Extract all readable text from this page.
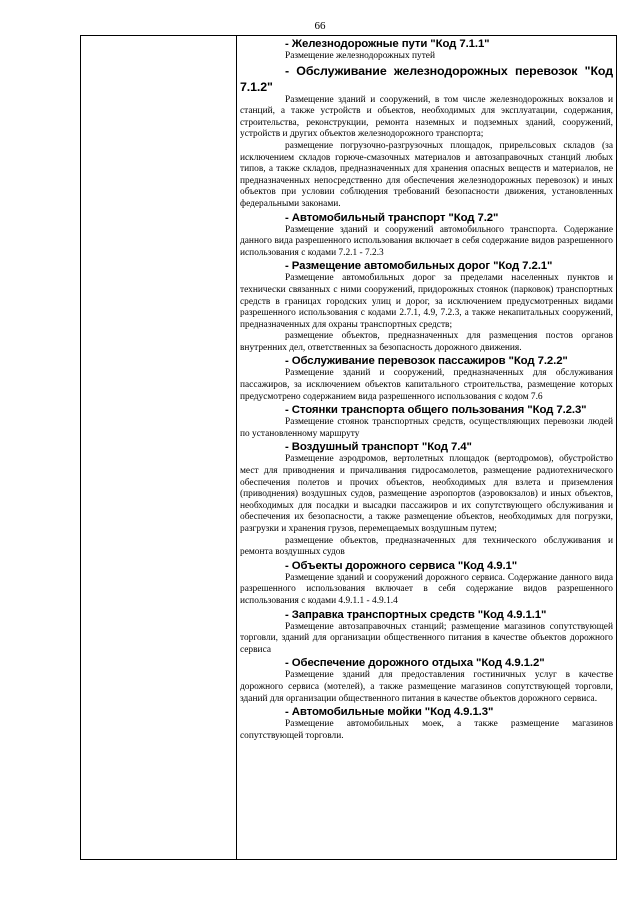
66

- Железнодорожные пути "Код 7.1.1"

Размещение железнодорожных путей

- Обслуживание железнодорожных перевозок "Код 7.1.2"

Размещение зданий и сооружений, в том числе железнодорожных вокзалов и станций, а также устройств и объектов, необходимых для эксплуатации, содержания, строительства, реконструкции, ремонта наземных и подземных зданий, сооружений, устройств и других объектов железнодорожного транспорта;

размещение погрузочно-разгрузочных площадок, прирельсовых складов (за исключением складов горюче-смазочных материалов и автозаправочных станций любых типов, а также складов, предназначенных для хранения опасных веществ и материалов, не предназначенных непосредственно для обеспечения железнодорожных перевозок) и иных объектов при условии соблюдения требований безопасности движения, установленных федеральными законами.

- Автомобильный транспорт "Код 7.2"

Размещение зданий и сооружений автомобильного транспорта. Содержание данного вида разрешенного использования включает в себя содержание видов разрешенного использования с кодами 7.2.1 - 7.2.3

- Размещение автомобильных дорог "Код 7.2.1"

Размещение автомобильных дорог за пределами населенных пунктов и технически связанных с ними сооружений, придорожных стоянок (парковок) транспортных средств в границах городских улиц и дорог, за исключением предусмотренных видами разрешенного использования с кодами 2.7.1, 4.9, 7.2.3, а также некапитальных сооружений, предназначенных для охраны транспортных средств;

размещение объектов, предназначенных для размещения постов органов внутренних дел, ответственных за безопасность дорожного движения.

- Обслуживание перевозок пассажиров "Код 7.2.2"

Размещение зданий и сооружений, предназначенных для обслуживания пассажиров, за исключением объектов капитального строительства, размещение которых предусмотрено содержанием вида разрешенного использования с кодом 7.6

- Стоянки транспорта общего пользования "Код 7.2.3"

Размещение стоянок транспортных средств, осуществляющих перевозки людей по установленному маршруту

- Воздушный транспорт "Код 7.4"

Размещение аэродромов, вертолетных площадок (вертодромов), обустройство мест для приводнения и причаливания гидросамолетов, размещение радиотехнического обеспечения полетов и прочих объектов, необходимых для взлета и приземления (приводнения) воздушных судов, размещение аэропортов (аэровокзалов) и иных объектов, необходимых для посадки и высадки пассажиров и их сопутствующего обслуживания и обеспечения их безопасности, а также размещение объектов, необходимых для погрузки, разгрузки и хранения грузов, перемещаемых воздушным путем;

размещение объектов, предназначенных для технического обслуживания и ремонта воздушных судов

- Объекты дорожного сервиса "Код 4.9.1"

Размещение зданий и сооружений дорожного сервиса. Содержание данного вида разрешенного использования включает в себя содержание видов разрешенного использования с кодами 4.9.1.1 - 4.9.1.4

- Заправка транспортных средств "Код 4.9.1.1"

Размещение автозаправочных станций; размещение магазинов сопутствующей торговли, зданий для организации общественного питания в качестве объектов дорожного сервиса

- Обеспечение дорожного отдыха "Код 4.9.1.2"

Размещение зданий для предоставления гостиничных услуг в качестве дорожного сервиса (мотелей), а также размещение магазинов сопутствующей торговли, зданий для организации общественного питания в качестве объектов дорожного сервиса.

- Автомобильные мойки "Код 4.9.1.3"

Размещение автомобильных моек, а также размещение магазинов сопутствующей торговли.
